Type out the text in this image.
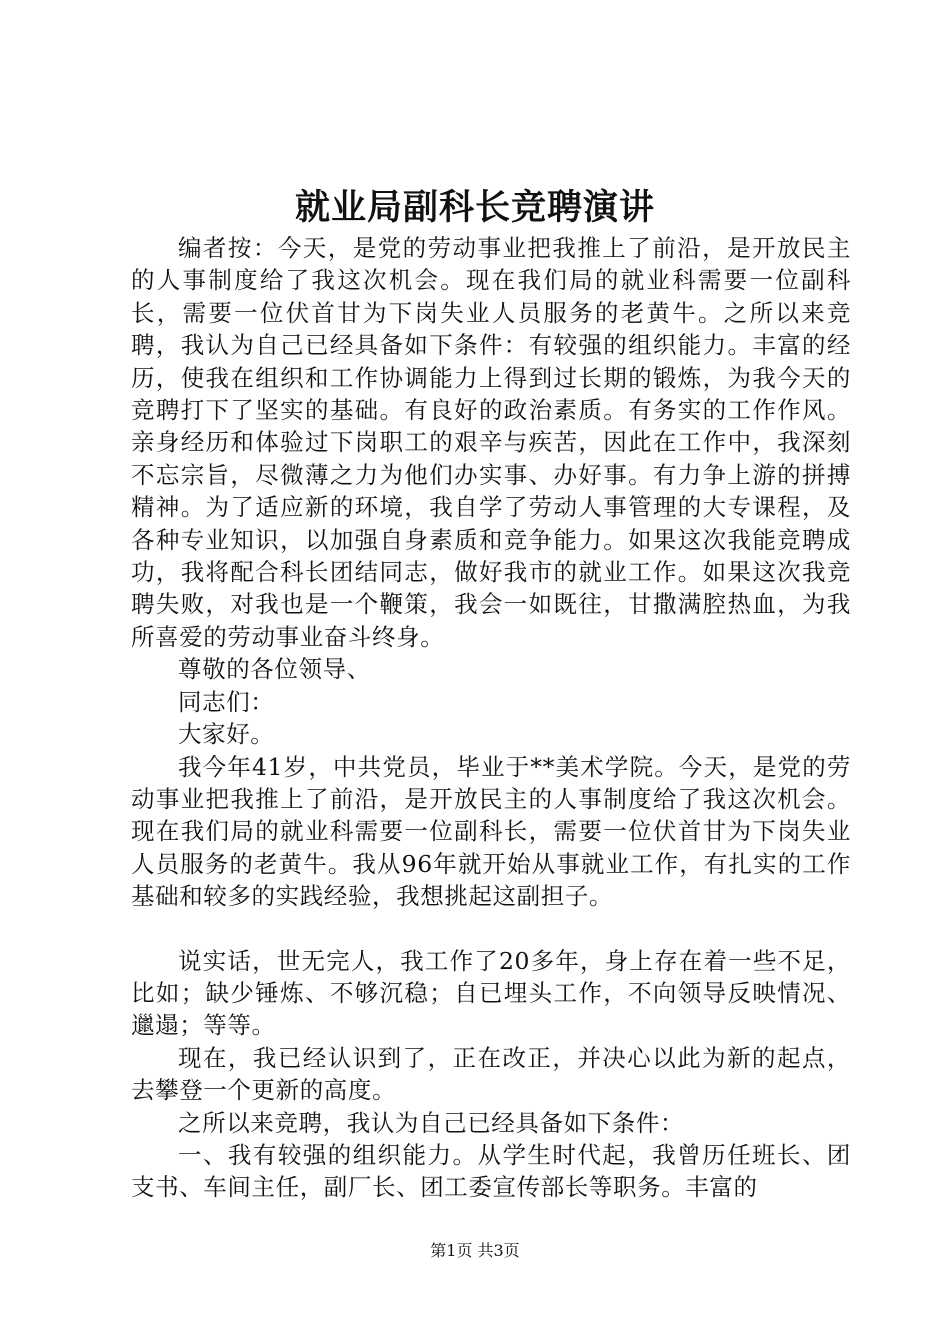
就业局副科长竞聘演讲

编者按：今天，是党的劳动事业把我推上了前沿，是开放民主的人事制度给了我这次机会。现在我们局的就业科需要一位副科长，需要一位伏首甘为下岗失业人员服务的老黄牛。之所以来竞聘，我认为自己已经具备如下条件：有较强的组织能力。丰富的经历，使我在组织和工作协调能力上得到过长期的锻炼，为我今天的竞聘打下了坚实的基础。有良好的政治素质。有务实的工作作风。亲身经历和体验过下岗职工的艰辛与疾苦，因此在工作中，我深刻不忘宗旨，尽微薄之力为他们办实事、办好事。有力争上游的拼搏精神。为了适应新的环境，我自学了劳动人事管理的大专课程，及各种专业知识，以加强自身素质和竞争能力。如果这次我能竞聘成功，我将配合科长团结同志，做好我市的就业工作。如果这次我竞聘失败，对我也是一个鞭策，我会一如既往，甘撒满腔热血，为我所喜爱的劳动事业奋斗终身。

尊敬的各位领导、

同志们：

大家好。

我今年41岁，中共党员，毕业于**美术学院。今天，是党的劳动事业把我推上了前沿，是开放民主的人事制度给了我这次机会。现在我们局的就业科需要一位副科长，需要一位伏首甘为下岗失业人员服务的老黄牛。我从96年就开始从事就业工作，有扎实的工作基础和较多的实践经验，我想挑起这副担子。

说实话，世无完人，我工作了20多年，身上存在着一些不足，比如；缺少锤炼、不够沉稳；自已埋头工作，不向领导反映情况、邋遢；等等。

现在，我已经认识到了，正在改正，并决心以此为新的起点，去攀登一个更新的高度。

之所以来竞聘，我认为自己已经具备如下条件：

一、我有较强的组织能力。从学生时代起，我曾历任班长、团支书、车间主任，副厂长、团工委宣传部长等职务。丰富的

第1页 共3页
